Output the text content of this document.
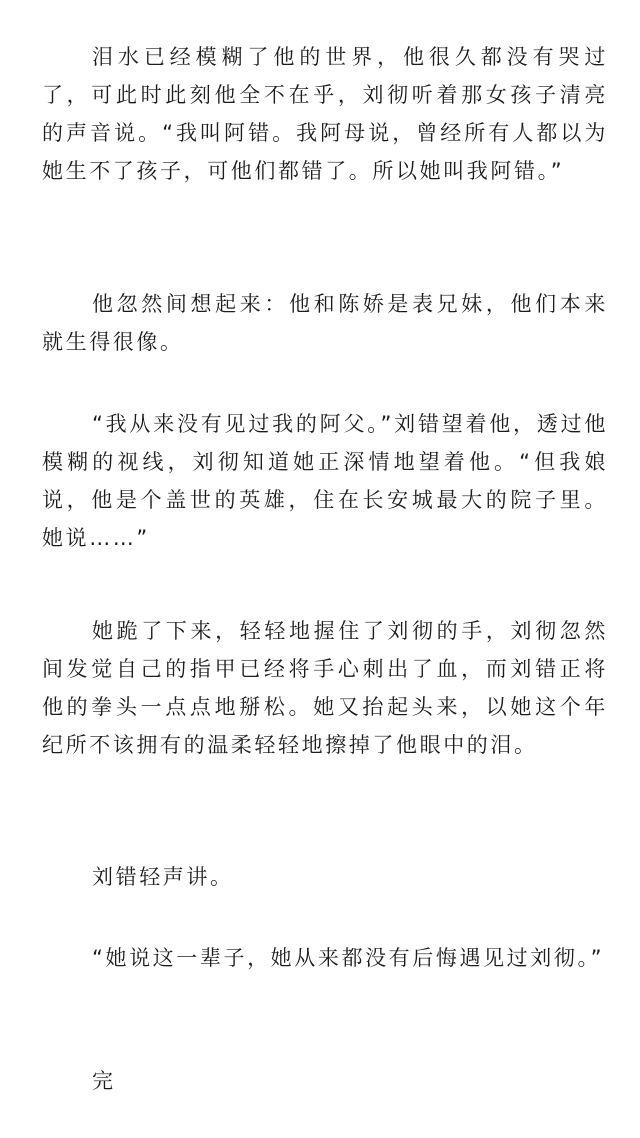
泪水已经模糊了他的世界，他很久都没有哭过了，可此时此刻他全不在乎，刘彻听着那女孩子清亮的声音说。“我叫阿错。我阿母说，曾经所有人都以为她生不了孩子，可他们都错了。所以她叫我阿错。”

他忽然间想起来：他和陈娇是表兄妹，他们本来就生得很像。

“我从来没有见过我的阿父。”刘错望着他，透过他模糊的视线，刘彻知道她正深情地望着他。“但我娘说，他是个盖世的英雄，住在长安城最大的院子里。她说……”

她跪了下来，轻轻地握住了刘彻的手，刘彻忽然间发觉自己的指甲已经将手心刺出了血，而刘错正将他的拳头一点点地掰松。她又抬起头来，以她这个年纪所不该拥有的温柔轻轻地擦掉了他眼中的泪。

刘错轻声讲。

“她说这一辈子，她从来都没有后悔遇见过刘彻。”

完
